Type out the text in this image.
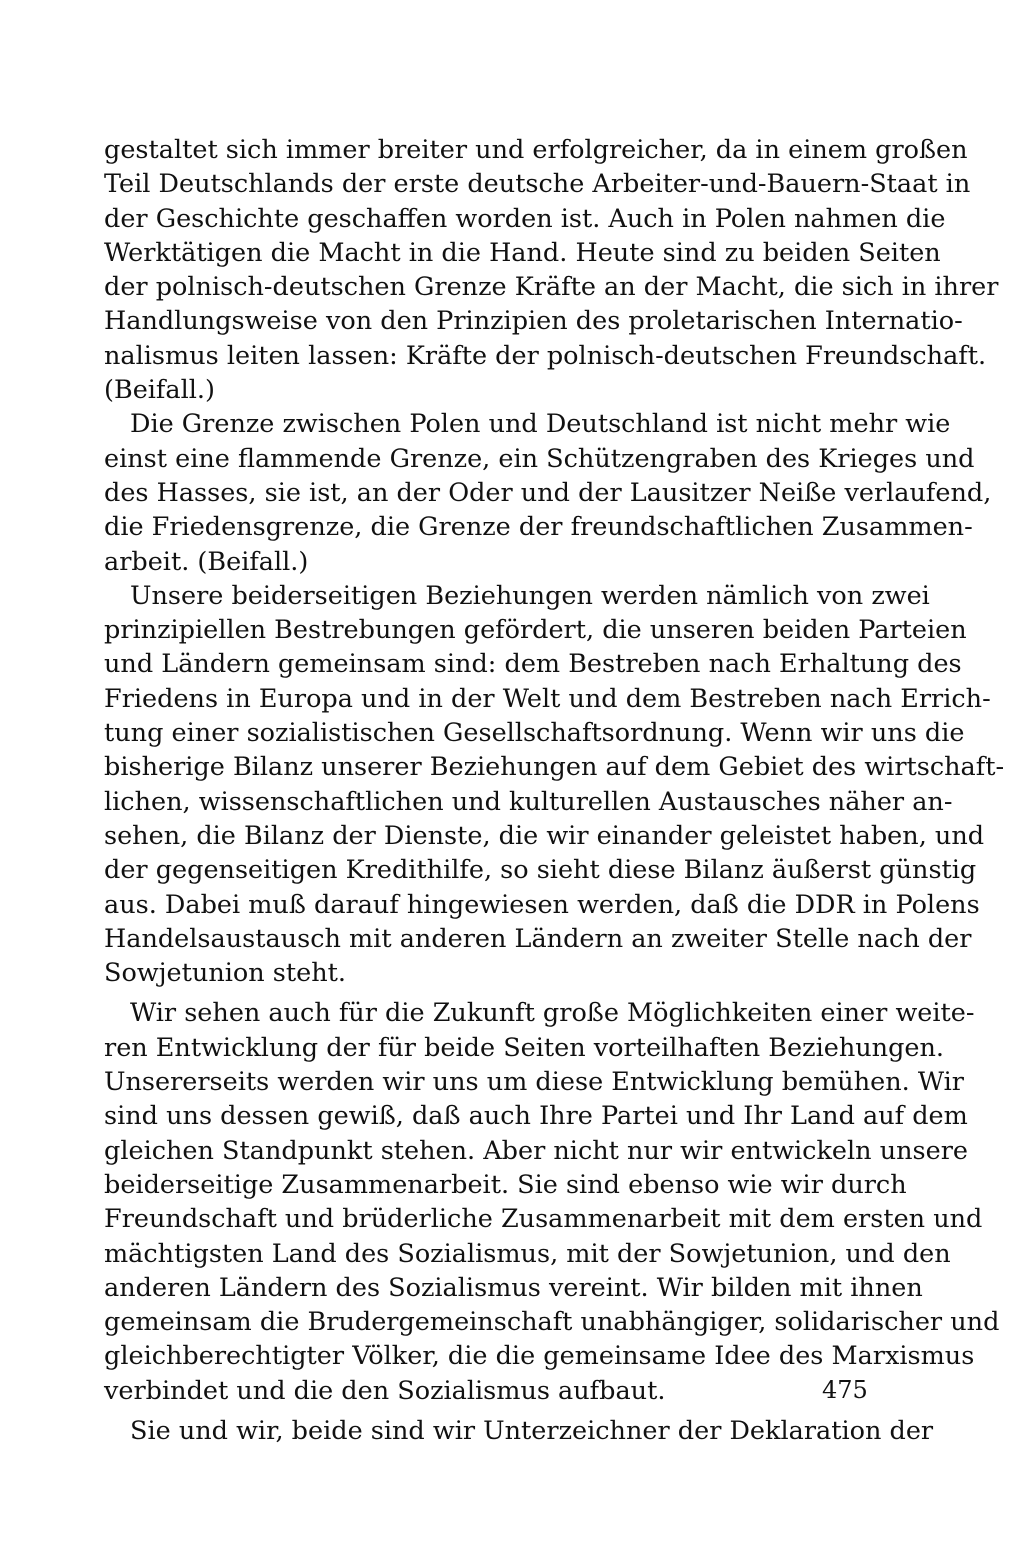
gestaltet sich immer breiter und erfolgreicher, da in einem großen
Teil Deutschlands der erste deutsche Arbeiter-und-Bauern-Staat in
der Geschichte geschaffen worden ist. Auch in Polen nahmen die
Werktätigen die Macht in die Hand. Heute sind zu beiden Seiten
der polnisch-deutschen Grenze Kräfte an der Macht, die sich in ihrer
Handlungsweise von den Prinzipien des proletarischen Internatio-
nalismus leiten lassen: Kräfte der polnisch-deutschen Freundschaft.
(Beifall.)
Die Grenze zwischen Polen und Deutschland ist nicht mehr wie
einst eine flammende Grenze, ein Schützengraben des Krieges und
des Hasses, sie ist, an der Oder und der Lausitzer Neiße verlaufend,
die Friedensgrenze, die Grenze der freundschaftlichen Zusammen-
arbeit. (Beifall.)
Unsere beiderseitigen Beziehungen werden nämlich von zwei
prinzipiellen Bestrebungen gefördert, die unseren beiden Parteien
und Ländern gemeinsam sind: dem Bestreben nach Erhaltung des
Friedens in Europa und in der Welt und dem Bestreben nach Errich-
tung einer sozialistischen Gesellschaftsordnung. Wenn wir uns die
bisherige Bilanz unserer Beziehungen auf dem Gebiet des wirtschaft-
lichen, wissenschaftlichen und kulturellen Austausches näher an-
sehen, die Bilanz der Dienste, die wir einander geleistet haben, und
der gegenseitigen Kredithilfe, so sieht diese Bilanz äußerst günstig
aus. Dabei muß darauf hingewiesen werden, daß die DDR in Polens
Handelsaustausch mit anderen Ländern an zweiter Stelle nach der
Sowjetunion steht.
Wir sehen auch für die Zukunft große Möglichkeiten einer weite-
ren Entwicklung der für beide Seiten vorteilhaften Beziehungen.
Unsererseits werden wir uns um diese Entwicklung bemühen. Wir
sind uns dessen gewiß, daß auch Ihre Partei und Ihr Land auf dem
gleichen Standpunkt stehen. Aber nicht nur wir entwickeln unsere
beiderseitige Zusammenarbeit. Sie sind ebenso wie wir durch
Freundschaft und brüderliche Zusammenarbeit mit dem ersten und
mächtigsten Land des Sozialismus, mit der Sowjetunion, und den
anderen Ländern des Sozialismus vereint. Wir bilden mit ihnen
gemeinsam die Brudergemeinschaft unabhängiger, solidarischer und
gleichberechtigter Völker, die die gemeinsame Idee des Marxismus
verbindet und die den Sozialismus aufbaut.
Sie und wir, beide sind wir Unterzeichner der Deklaration der
475
